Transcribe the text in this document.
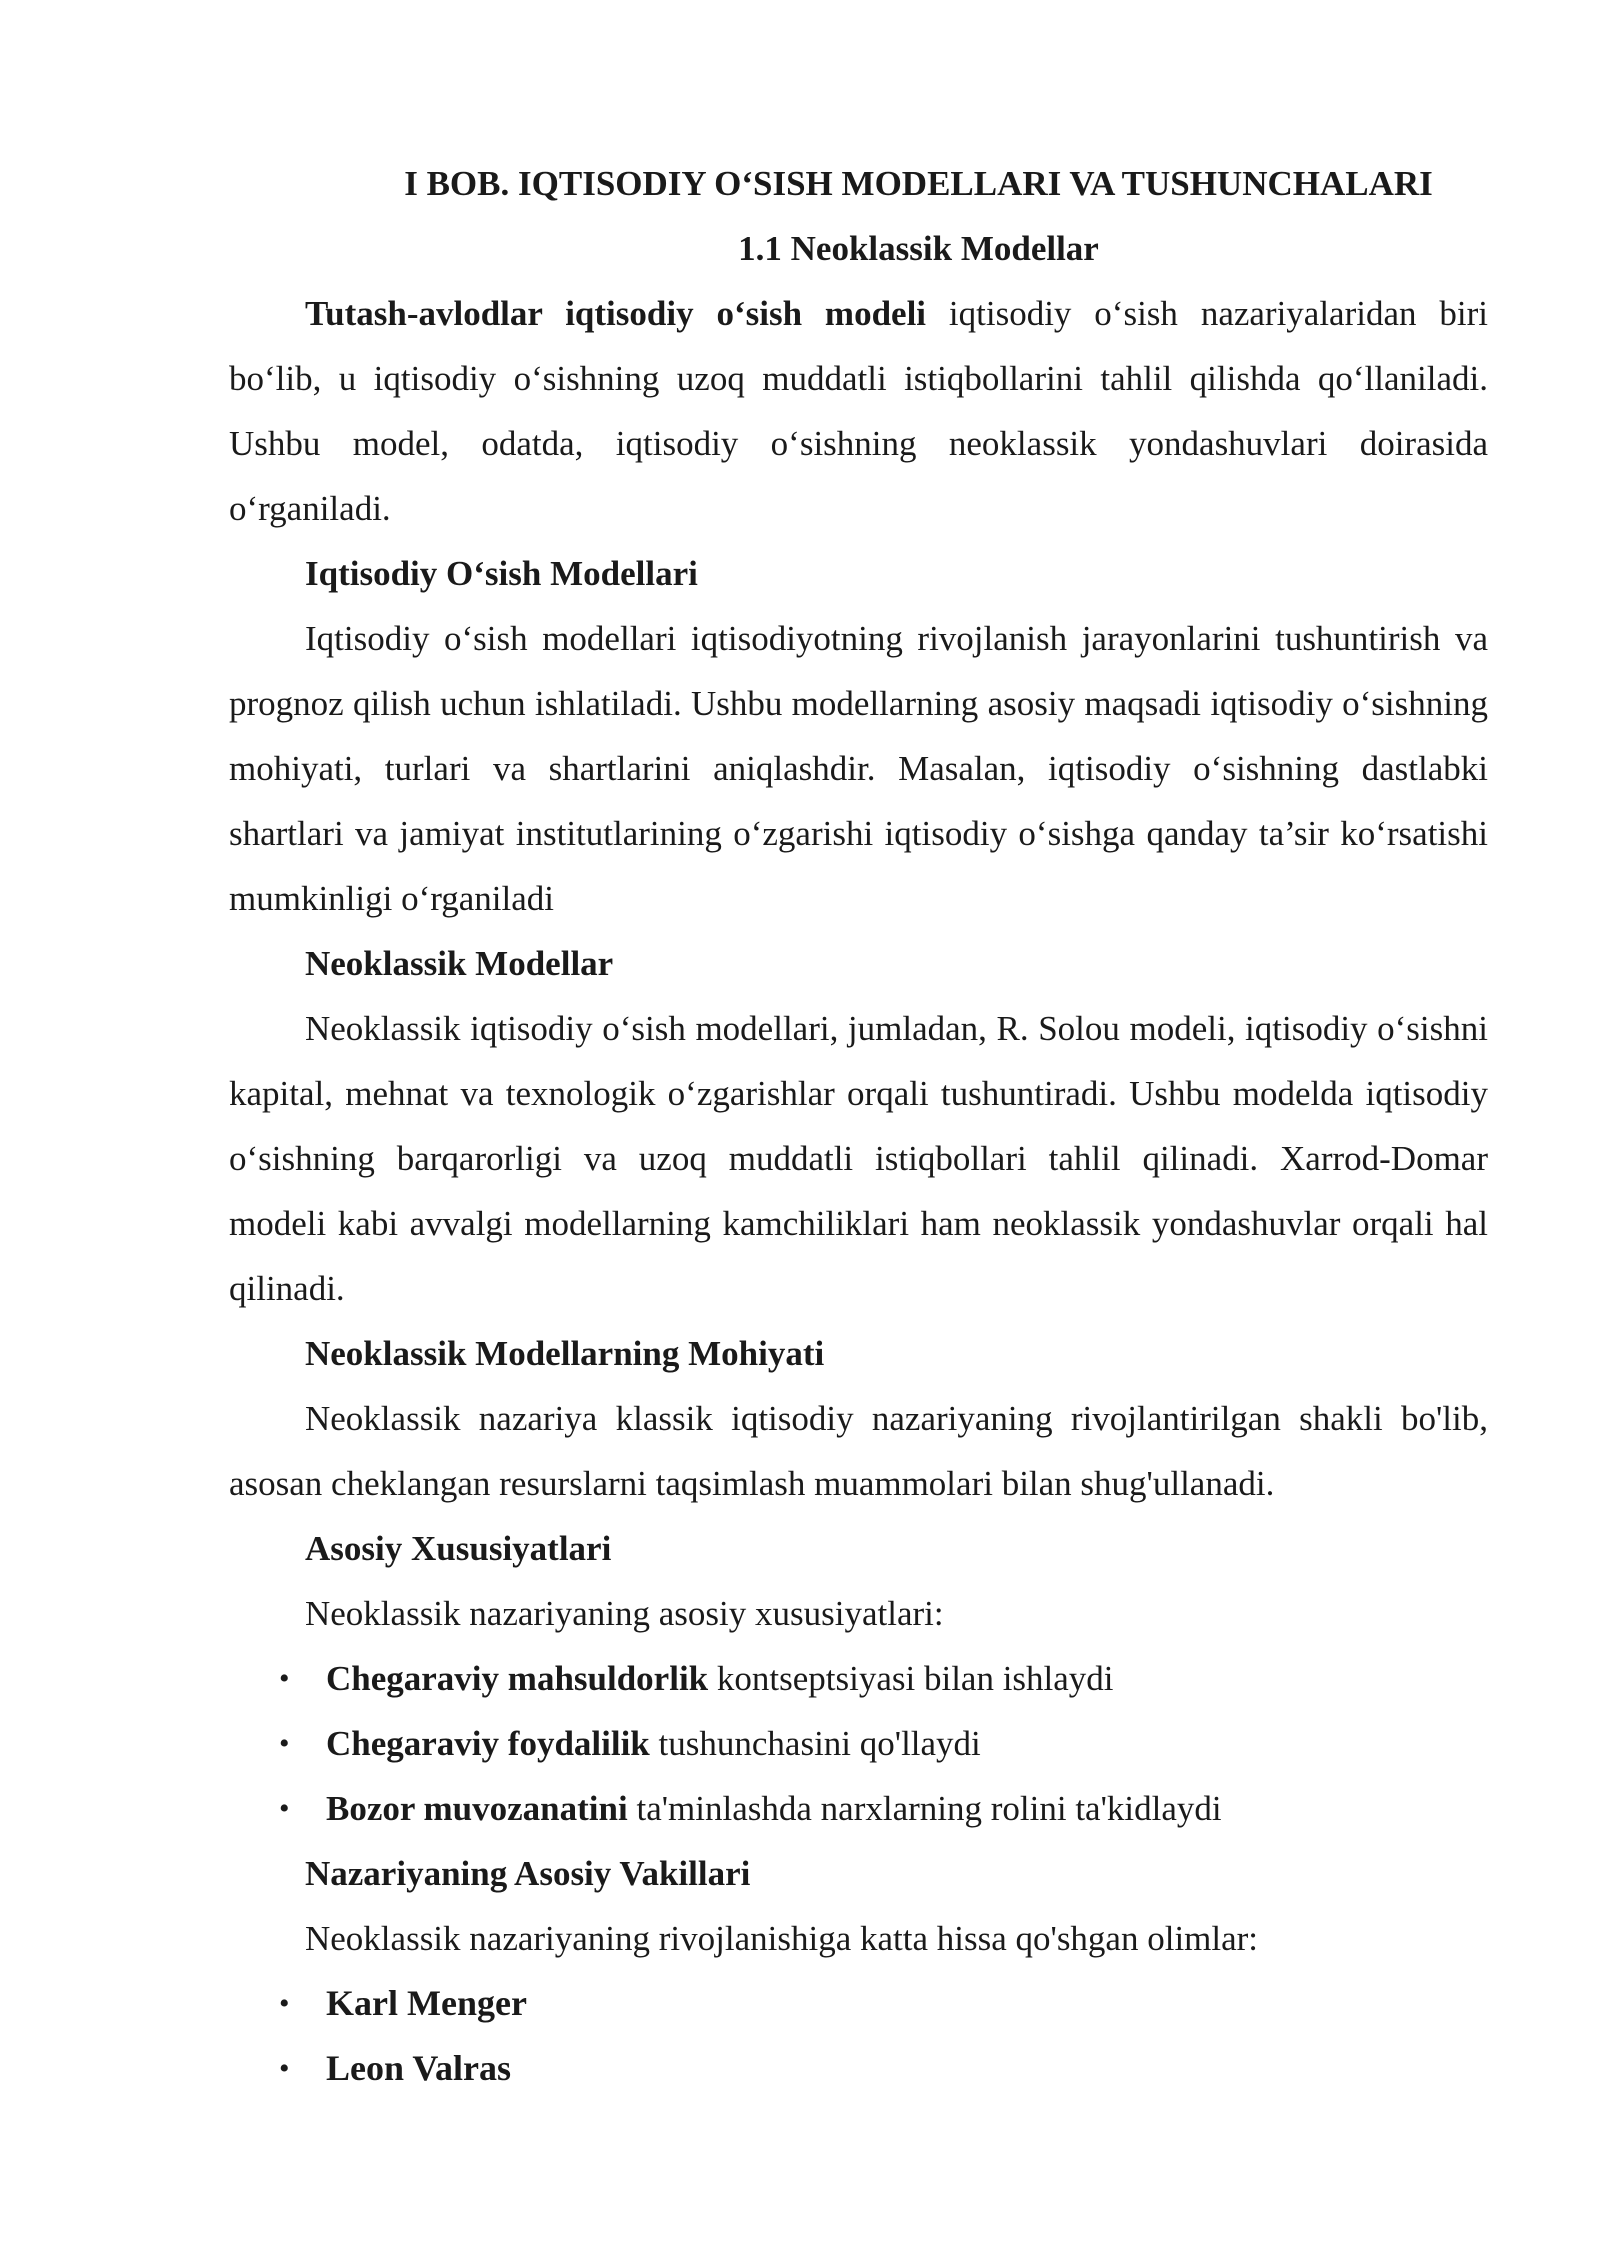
I BOB. IQTISODIY O‘SISH MODELLARI VA TUSHUNCHALARI

1.1 Neoklassik Modellar

Tutash-avlodlar iqtisodiy o‘sish modeli iqtisodiy o‘sish nazariyalaridan biri bo‘lib, u iqtisodiy o‘sishning uzoq muddatli istiqbollarini tahlil qilishda qo‘llaniladi. Ushbu model, odatda, iqtisodiy o‘sishning neoklassik yondashuvlari doirasida o‘rganiladi.

Iqtisodiy O‘sish Modellari

Iqtisodiy o‘sish modellari iqtisodiyotning rivojlanish jarayonlarini tushuntirish va prognoz qilish uchun ishlatiladi. Ushbu modellarning asosiy maqsadi iqtisodiy o‘sishning mohiyati, turlari va shartlarini aniqlashdir. Masalan, iqtisodiy o‘sishning dastlabki shartlari va jamiyat institutlarining o‘zgarishi iqtisodiy o‘sishga qanday ta’sir ko‘rsatishi mumkinligi o‘rganiladi

Neoklassik Modellar

Neoklassik iqtisodiy o‘sish modellari, jumladan, R. Solou modeli, iqtisodiy o‘sishni kapital, mehnat va texnologik o‘zgarishlar orqali tushuntiradi. Ushbu modelda iqtisodiy o‘sishning barqarorligi va uzoq muddatli istiqbollari tahlil qilinadi. Xarrod-Domar modeli kabi avvalgi modellarning kamchiliklari ham neoklassik yondashuvlar orqali hal qilinadi.

Neoklassik Modellarning Mohiyati

Neoklassik nazariya klassik iqtisodiy nazariyaning rivojlantirilgan shakli bo'lib, asosan cheklangan resurslarni taqsimlash muammolari bilan shug'ullanadi.

Asosiy Xususiyatlari

Neoklassik nazariyaning asosiy xususiyatlari:

• Chegaraviy mahsuldorlik kontseptsiyasi bilan ishlaydi
• Chegaraviy foydalilik tushunchasini qo'llaydi
• Bozor muvozanatini ta'minlashda narxlarning rolini ta'kidlaydi

Nazariyaning Asosiy Vakillari

Neoklassik nazariyaning rivojlanishiga katta hissa qo'shgan olimlar:

• Karl Menger
• Leon Valras
